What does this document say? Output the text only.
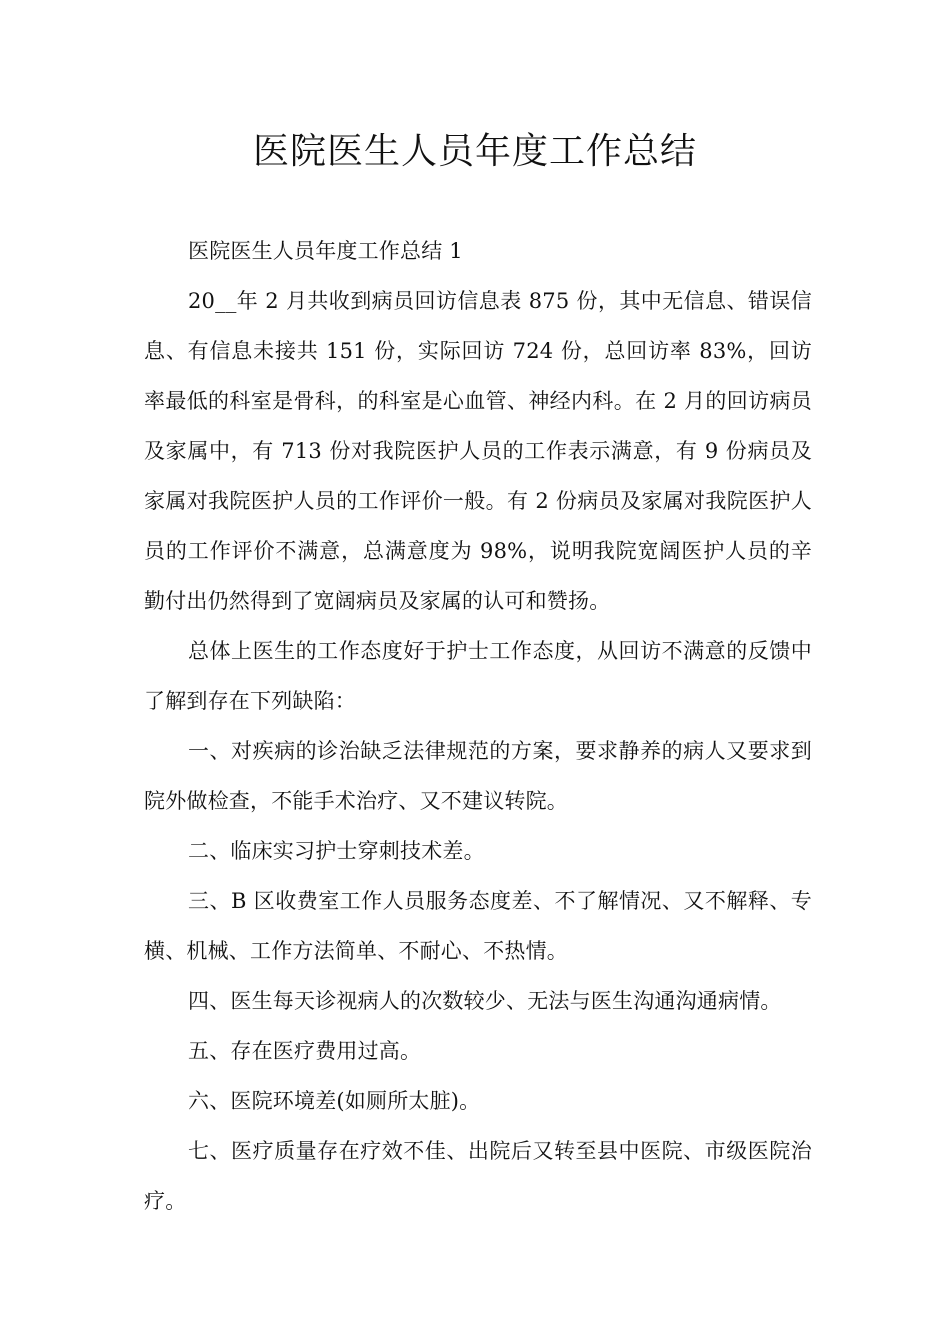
医院医生人员年度工作总结

医院医生人员年度工作总结 1

20__年 2 月共收到病员回访信息表 875 份，其中无信息、错误信息、有信息未接共 151 份，实际回访 724 份，总回访率 83%，回访率最低的科室是骨科，的科室是心血管、神经内科。在 2 月的回访病员及家属中，有 713 份对我院医护人员的工作表示满意，有 9 份病员及家属对我院医护人员的工作评价一般。有 2 份病员及家属对我院医护人员的工作评价不满意，总满意度为 98%，说明我院宽阔医护人员的辛勤付出仍然得到了宽阔病员及家属的认可和赞扬。

总体上医生的工作态度好于护士工作态度，从回访不满意的反馈中了解到存在下列缺陷：

一、对疾病的诊治缺乏法律规范的方案，要求静养的病人又要求到院外做检查，不能手术治疗、又不建议转院。

二、临床实习护士穿刺技术差。

三、B 区收费室工作人员服务态度差、不了解情况、又不解释、专横、机械、工作方法简单、不耐心、不热情。

四、医生每天诊视病人的次数较少、无法与医生沟通沟通病情。

五、存在医疗费用过高。

六、医院环境差(如厕所太脏)。

七、医疗质量存在疗效不佳、出院后又转至县中医院、市级医院治疗。
